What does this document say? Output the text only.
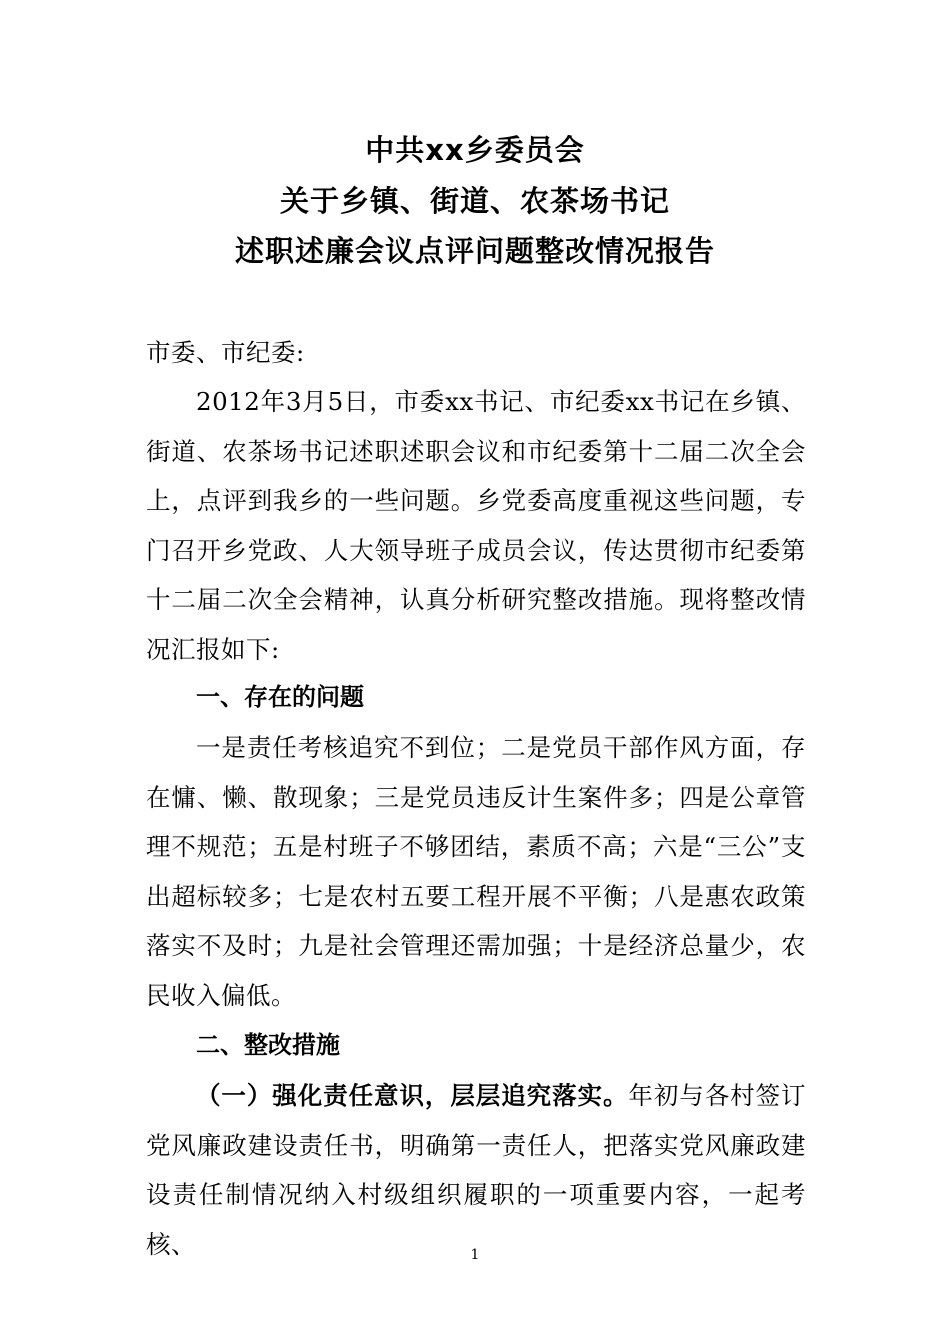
中共xx乡委员会
关于乡镇、街道、农茶场书记
述职述廉会议点评问题整改情况报告
市委、市纪委:
2012年3月5日，市委xx书记、市纪委xx书记在乡镇、街道、农茶场书记述职述职会议和市纪委第十二届二次全会上，点评到我乡的一些问题。乡党委高度重视这些问题，专门召开乡党政、人大领导班子成员会议，传达贯彻市纪委第十二届二次全会精神，认真分析研究整改措施。现将整改情况汇报如下:
一、存在的问题
一是责任考核追究不到位；二是党员干部作风方面，存在慵、懒、散现象；三是党员违反计生案件多；四是公章管理不规范；五是村班子不够团结，素质不高；六是“三公”支出超标较多；七是农村五要工程开展不平衡；八是惠农政策落实不及时；九是社会管理还需加强；十是经济总量少，农民收入偏低。
二、整改措施
（一）强化责任意识，层层追究落实。年初与各村签订党风廉政建设责任书，明确第一责任人，把落实党风廉政建设责任制情况纳入村级组织履职的一项重要内容，一起考核、	1
